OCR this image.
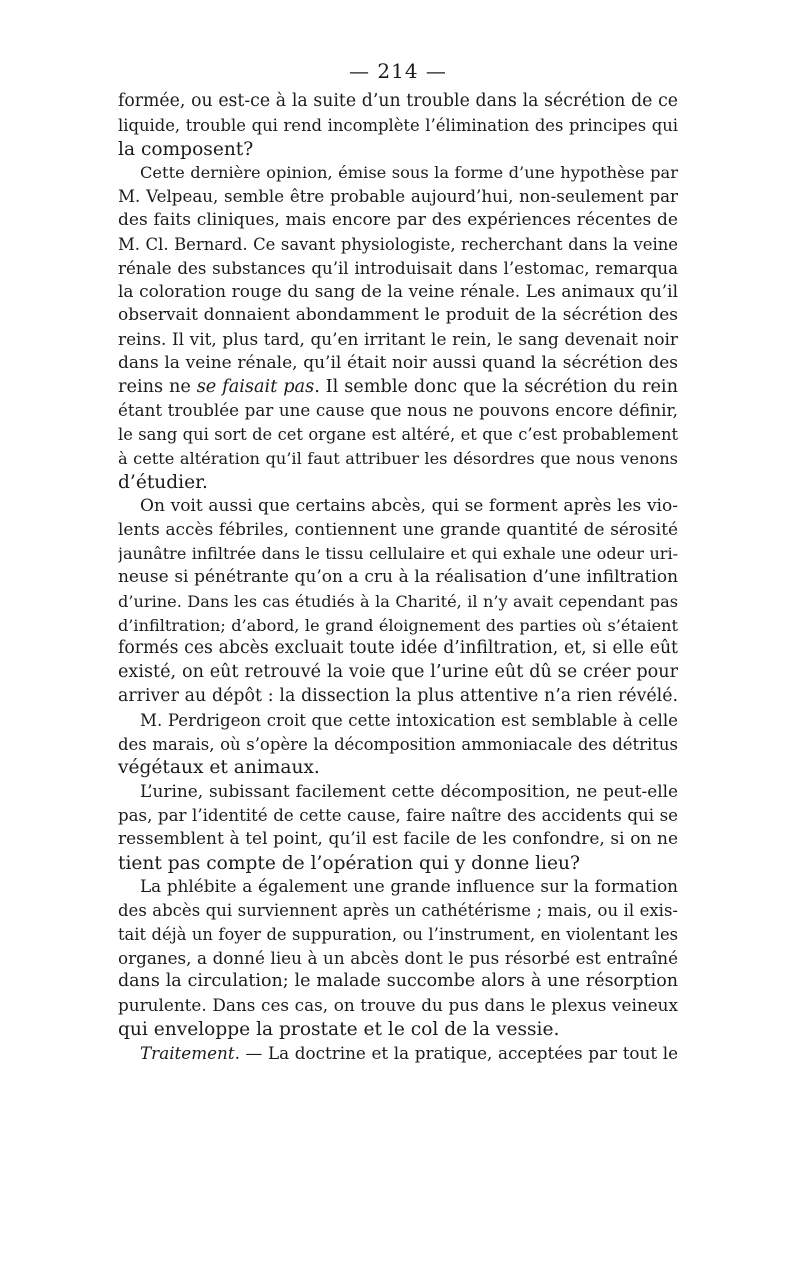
— 214 —
formée, ou est-ce à la suite d’un trouble dans la sécrétion de ce
liquide, trouble qui rend incomplète l’élimination des principes qui
la composent?
Cette dernière opinion, émise sous la forme d’une hypothèse par
M. Velpeau, semble être probable aujourd’hui, non-seulement par
des faits cliniques, mais encore par des expériences récentes de
M. Cl. Bernard. Ce savant physiologiste, recherchant dans la veine
rénale des substances qu’il introduisait dans l’estomac, remarqua
la coloration rouge du sang de la veine rénale. Les animaux qu’il
observait donnaient abondamment le produit de la sécrétion des
reins. Il vit, plus tard, qu’en irritant le rein, le sang devenait noir
dans la veine rénale, qu’il était noir aussi quand la sécrétion des
reins ne se faisait pas. Il semble donc que la sécrétion du rein
étant troublée par une cause que nous ne pouvons encore définir,
le sang qui sort de cet organe est altéré, et que c’est probablement
à cette altération qu’il faut attribuer les désordres que nous venons
d’étudier.
On voit aussi que certains abcès, qui se forment après les vio-
lents accès fébriles, contiennent une grande quantité de sérosité
jaunâtre infiltrée dans le tissu cellulaire et qui exhale une odeur uri-
neuse si pénétrante qu’on a cru à la réalisation d’une infiltration
d’urine. Dans les cas étudiés à la Charité, il n’y avait cependant pas
d’infiltration; d’abord, le grand éloignement des parties où s’étaient
formés ces abcès excluait toute idée d’infiltration, et, si elle eût
existé, on eût retrouvé la voie que l’urine eût dû se créer pour
arriver au dépôt : la dissection la plus attentive n’a rien révélé.
M. Perdrigeon croit que cette intoxication est semblable à celle
des marais, où s’opère la décomposition ammoniacale des détritus
végétaux et animaux.
L’urine, subissant facilement cette décomposition, ne peut-elle
pas, par l’identité de cette cause, faire naître des accidents qui se
ressemblent à tel point, qu’il est facile de les confondre, si on ne
tient pas compte de l’opération qui y donne lieu?
La phlébite a également une grande influence sur la formation
des abcès qui surviennent après un cathétérisme ; mais, ou il exis-
tait déjà un foyer de suppuration, ou l’instrument, en violentant les
organes, a donné lieu à un abcès dont le pus résorbé est entraîné
dans la circulation; le malade succombe alors à une résorption
purulente. Dans ces cas, on trouve du pus dans le plexus veineux
qui enveloppe la prostate et le col de la vessie.
Traitement. — La doctrine et la pratique, acceptées par tout le
